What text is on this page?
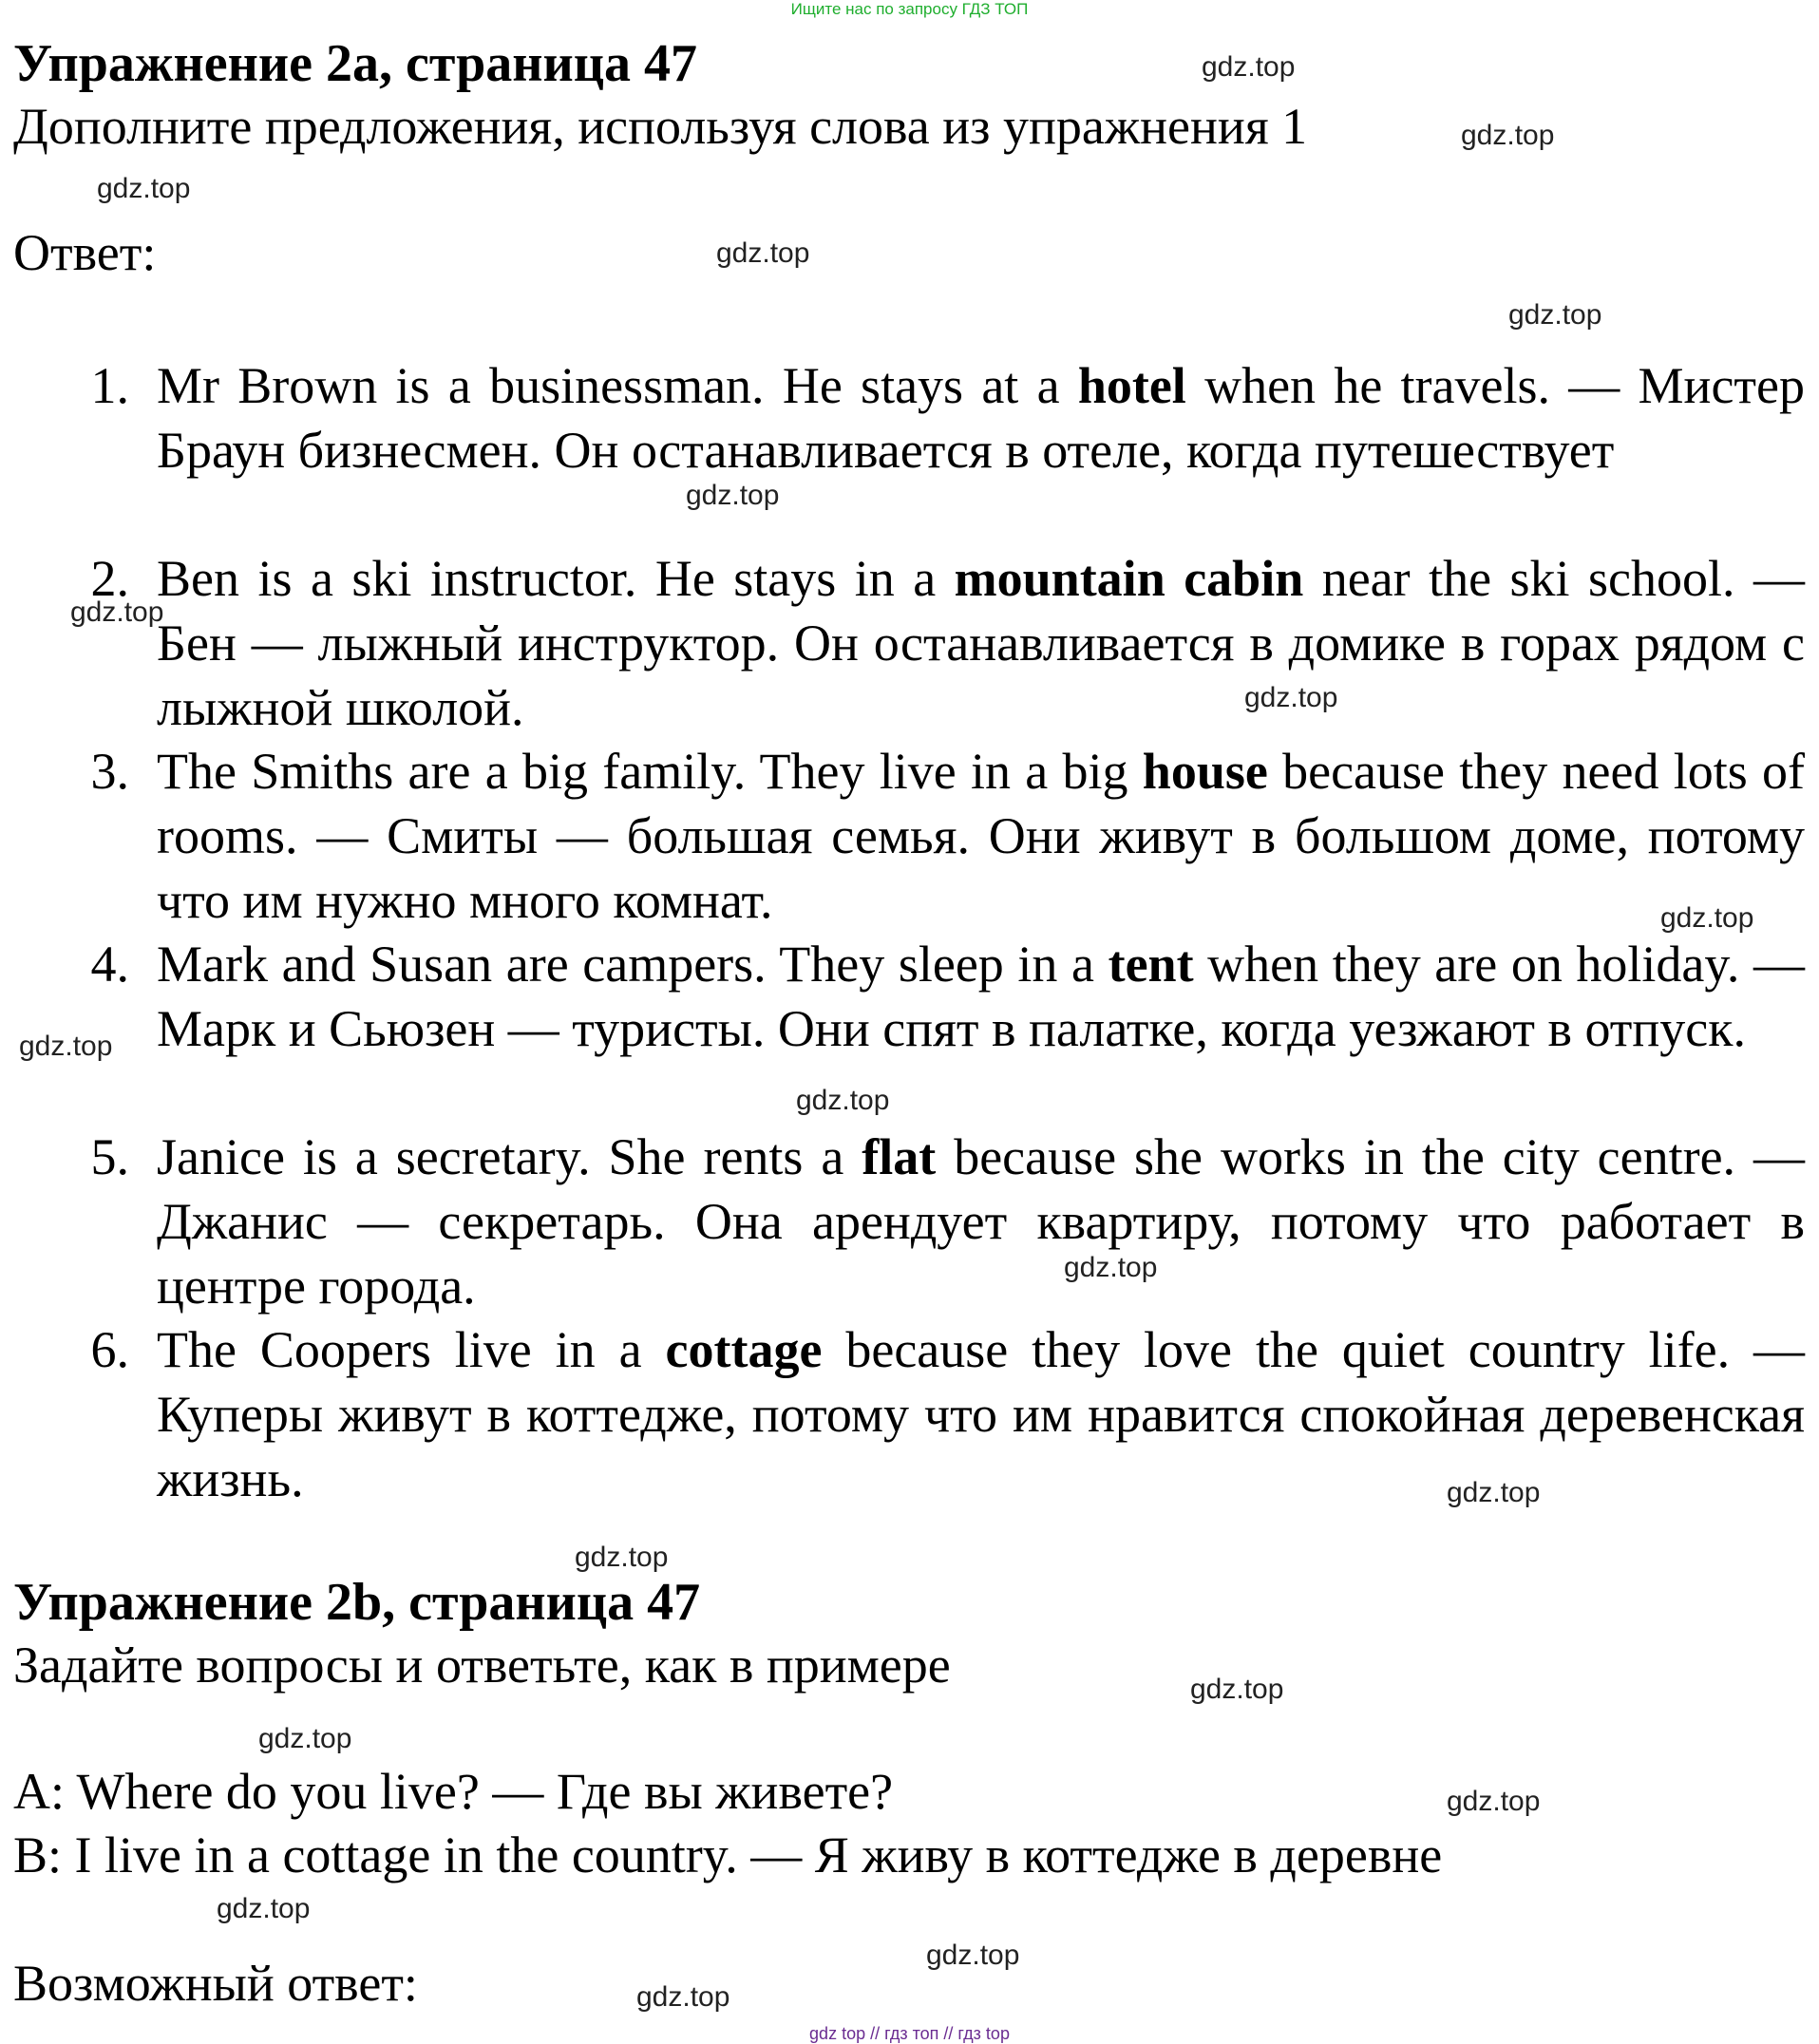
Ищите нас по запросу ГДЗ ТОП
Упражнение 2a, страница 47
Дополните предложения, используя слова из упражнения 1
Ответ:
1. Mr Brown is a businessman. He stays at a hotel when he travels. — Мистер Браун бизнесмен. Он останавливается в отеле, когда путешествует
2. Ben is a ski instructor. He stays in a mountain cabin near the ski school. — Бен — лыжный инструктор. Он останавливается в домике в горах рядом с лыжной школой.
3. The Smiths are a big family. They live in a big house because they need lots of rooms. — Смиты — большая семья. Они живут в большом доме, потому что им нужно много комнат.
4. Mark and Susan are campers. They sleep in a tent when they are on holiday. — Марк и Сьюзен — туристы. Они спят в палатке, когда уезжают в отпуск.
5. Janice is a secretary. She rents a flat because she works in the city centre. — Джанис — секретарь. Она арендует квартиру, потому что работает в центре города.
6. The Coopers live in a cottage because they love the quiet country life. — Куперы живут в коттедже, потому что им нравится спокойная деревенская жизнь.
Упражнение 2b, страница 47
Задайте вопросы и ответьте, как в примере
A: Where do you live? — Где вы живете?
B: I live in a cottage in the country. — Я живу в коттедже в деревне
Возможный ответ:
gdz.top
gdz.top
gdz.top
gdz.top
gdz.top
gdz.top
gdz.top
gdz.top
gdz.top
gdz.top
gdz.top
gdz.top
gdz.top
gdz.top
gdz.top
gdz.top
gdz.top
gdz.top
gdz.top
gdz.top
gdz top // гдз топ // гдз top
